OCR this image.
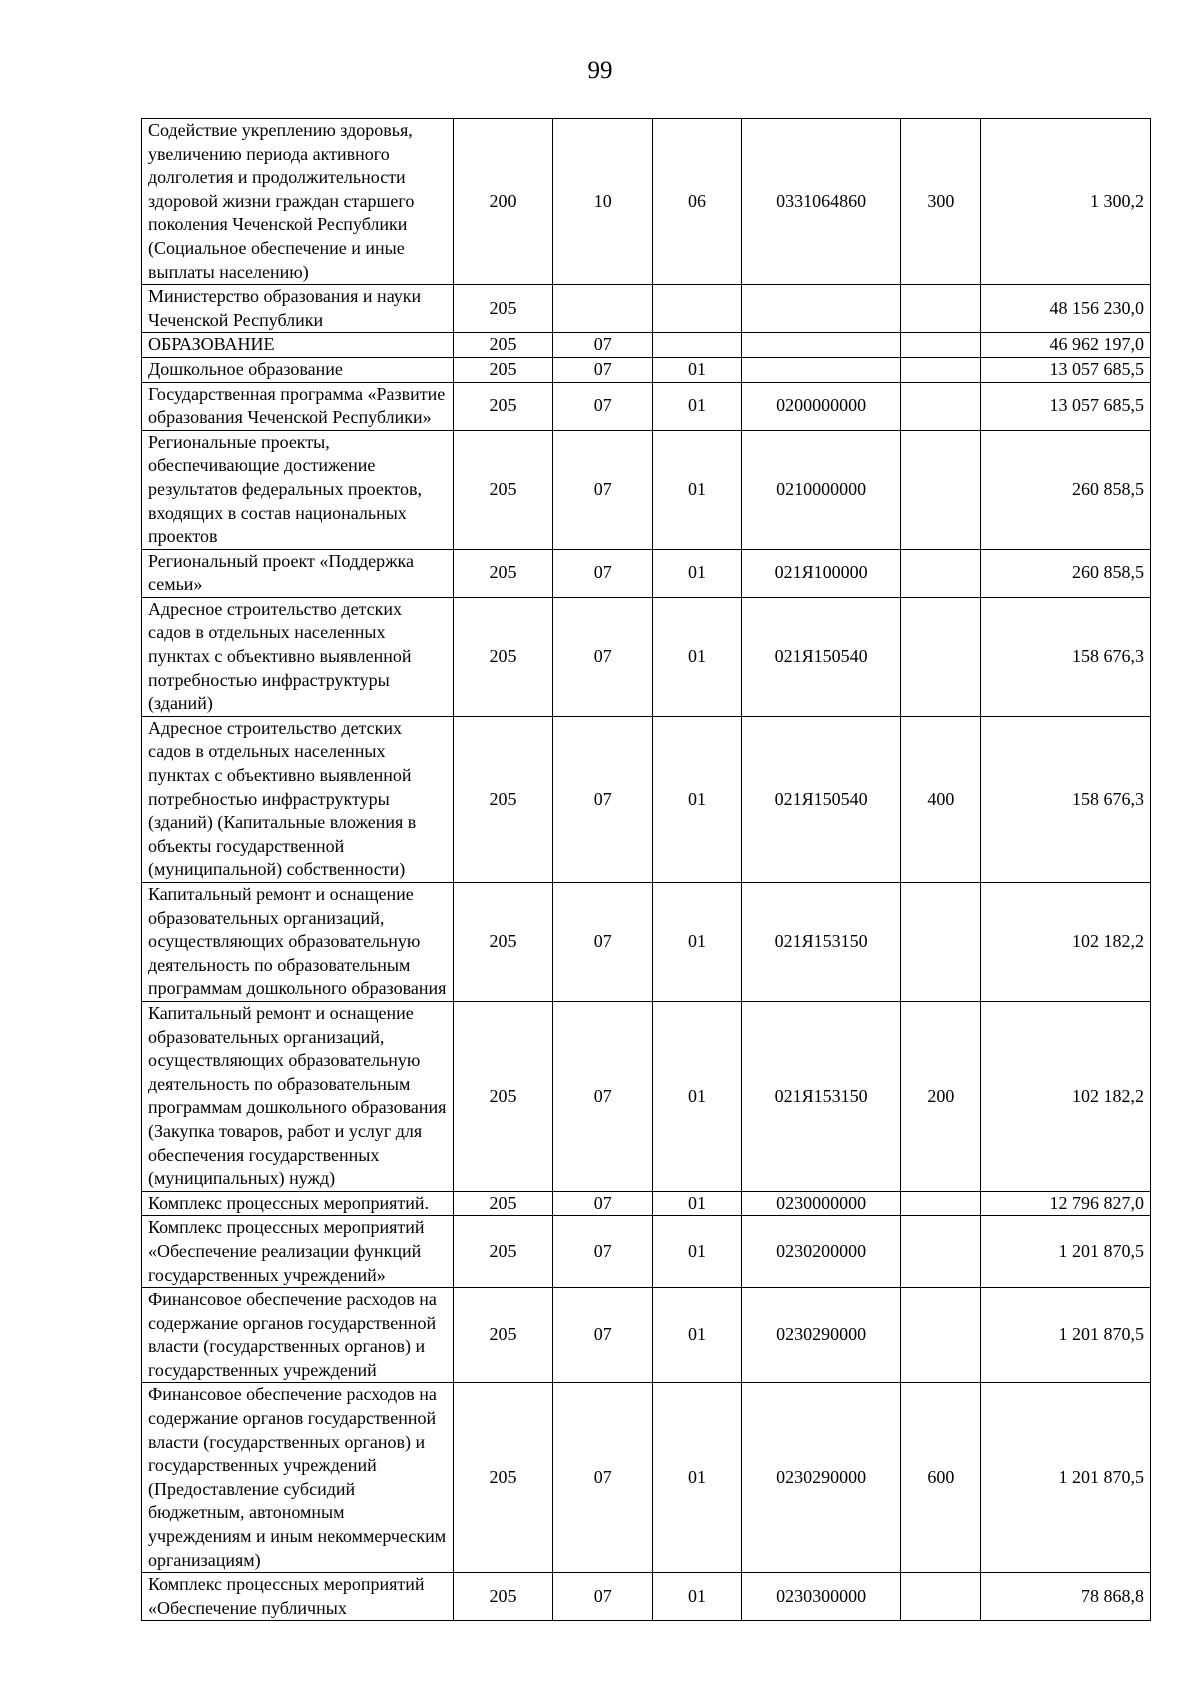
99
Содействие укреплению здоровья, увеличению периода активного долголетия и продолжительности здоровой жизни граждан старшего поколения Чеченской Республики (Социальное обеспечение и иные выплаты населению)	200	10	06	0331064860	300	1 300,2
Министерство образования и науки Чеченской Республики	205					48 156 230,0
ОБРАЗОВАНИЕ	205	07				46 962 197,0
Дошкольное образование	205	07	01			13 057 685,5
Государственная программа «Развитие образования Чеченской Республики»	205	07	01	0200000000		13 057 685,5
Региональные проекты, обеспечивающие достижение результатов федеральных проектов, входящих в состав национальных проектов	205	07	01	0210000000		260 858,5
Региональный проект «Поддержка семьи»	205	07	01	021Я100000		260 858,5
Адресное строительство детских садов в отдельных населенных пунктах с объективно выявленной потребностью инфраструктуры (зданий)	205	07	01	021Я150540		158 676,3
Адресное строительство детских садов в отдельных населенных пунктах с объективно выявленной потребностью инфраструктуры (зданий) (Капитальные вложения в объекты государственной (муниципальной) собственности)	205	07	01	021Я150540	400	158 676,3
Капитальный ремонт и оснащение образовательных организаций, осуществляющих образовательную деятельность по образовательным программам дошкольного образования	205	07	01	021Я153150		102 182,2
Капитальный ремонт и оснащение образовательных организаций, осуществляющих образовательную деятельность по образовательным программам дошкольного образования (Закупка товаров, работ и услуг для обеспечения государственных (муниципальных) нужд)	205	07	01	021Я153150	200	102 182,2
Комплекс процессных мероприятий.	205	07	01	0230000000		12 796 827,0
Комплекс процессных мероприятий «Обеспечение реализации функций государственных учреждений»	205	07	01	0230200000		1 201 870,5
Финансовое обеспечение расходов на содержание органов государственной власти (государственных органов) и государственных учреждений	205	07	01	0230290000		1 201 870,5
Финансовое обеспечение расходов на содержание органов государственной власти (государственных органов) и государственных учреждений (Предоставление субсидий бюджетным, автономным учреждениям и иным некоммерческим организациям)	205	07	01	0230290000	600	1 201 870,5
Комплекс процессных мероприятий «Обеспечение публичных	205	07	01	0230300000		78 868,8
